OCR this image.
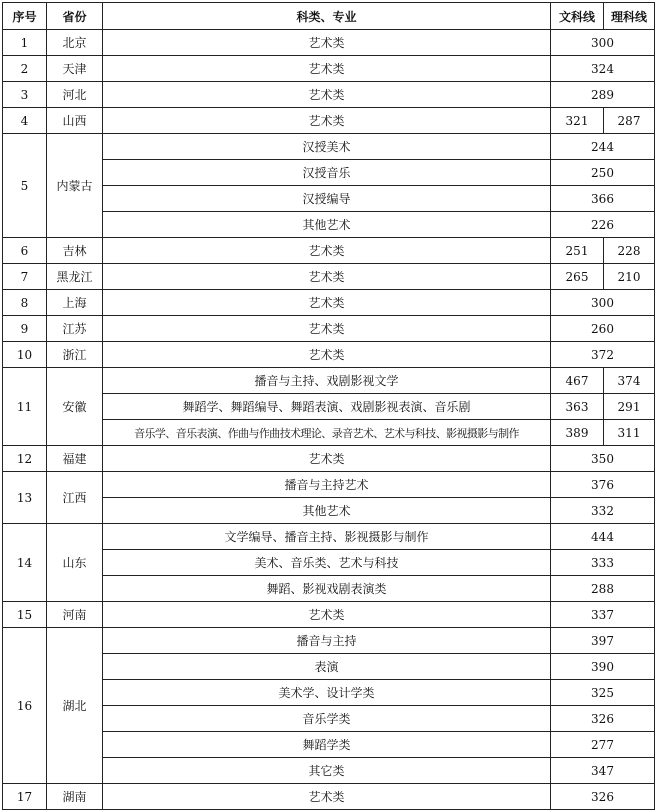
序号	省份	科类、专业	文科线	理科线
1	北京	艺术类	300	
2	天津	艺术类	324	
3	河北	艺术类	289	
4	山西	艺术类	321	287
5	内蒙古	汉授美术	244	
		汉授音乐	250	
		汉授编导	366	
		其他艺术	226	
6	吉林	艺术类	251	228
7	黑龙江	艺术类	265	210
8	上海	艺术类	300	
9	江苏	艺术类	260	
10	浙江	艺术类	372	
11	安徽	播音与主持、戏剧影视文学	467	374
		舞蹈学、舞蹈编导、舞蹈表演、戏剧影视表演、音乐剧	363	291
		音乐学、音乐表演、作曲与作曲技术理论、录音艺术、艺术与科技、影视摄影与制作	389	311
12	福建	艺术类	350	
13	江西	播音与主持艺术	376	
		其他艺术	332	
14	山东	文学编导、播音主持、影视摄影与制作	444	
		美术、音乐类、艺术与科技	333	
		舞蹈、影视戏剧表演类	288	
15	河南	艺术类	337	
16	湖北	播音与主持	397	
		表演	390	
		美术学、设计学类	325	
		音乐学类	326	
		舞蹈学类	277	
		其它类	347	
17	湖南	艺术类	326	
